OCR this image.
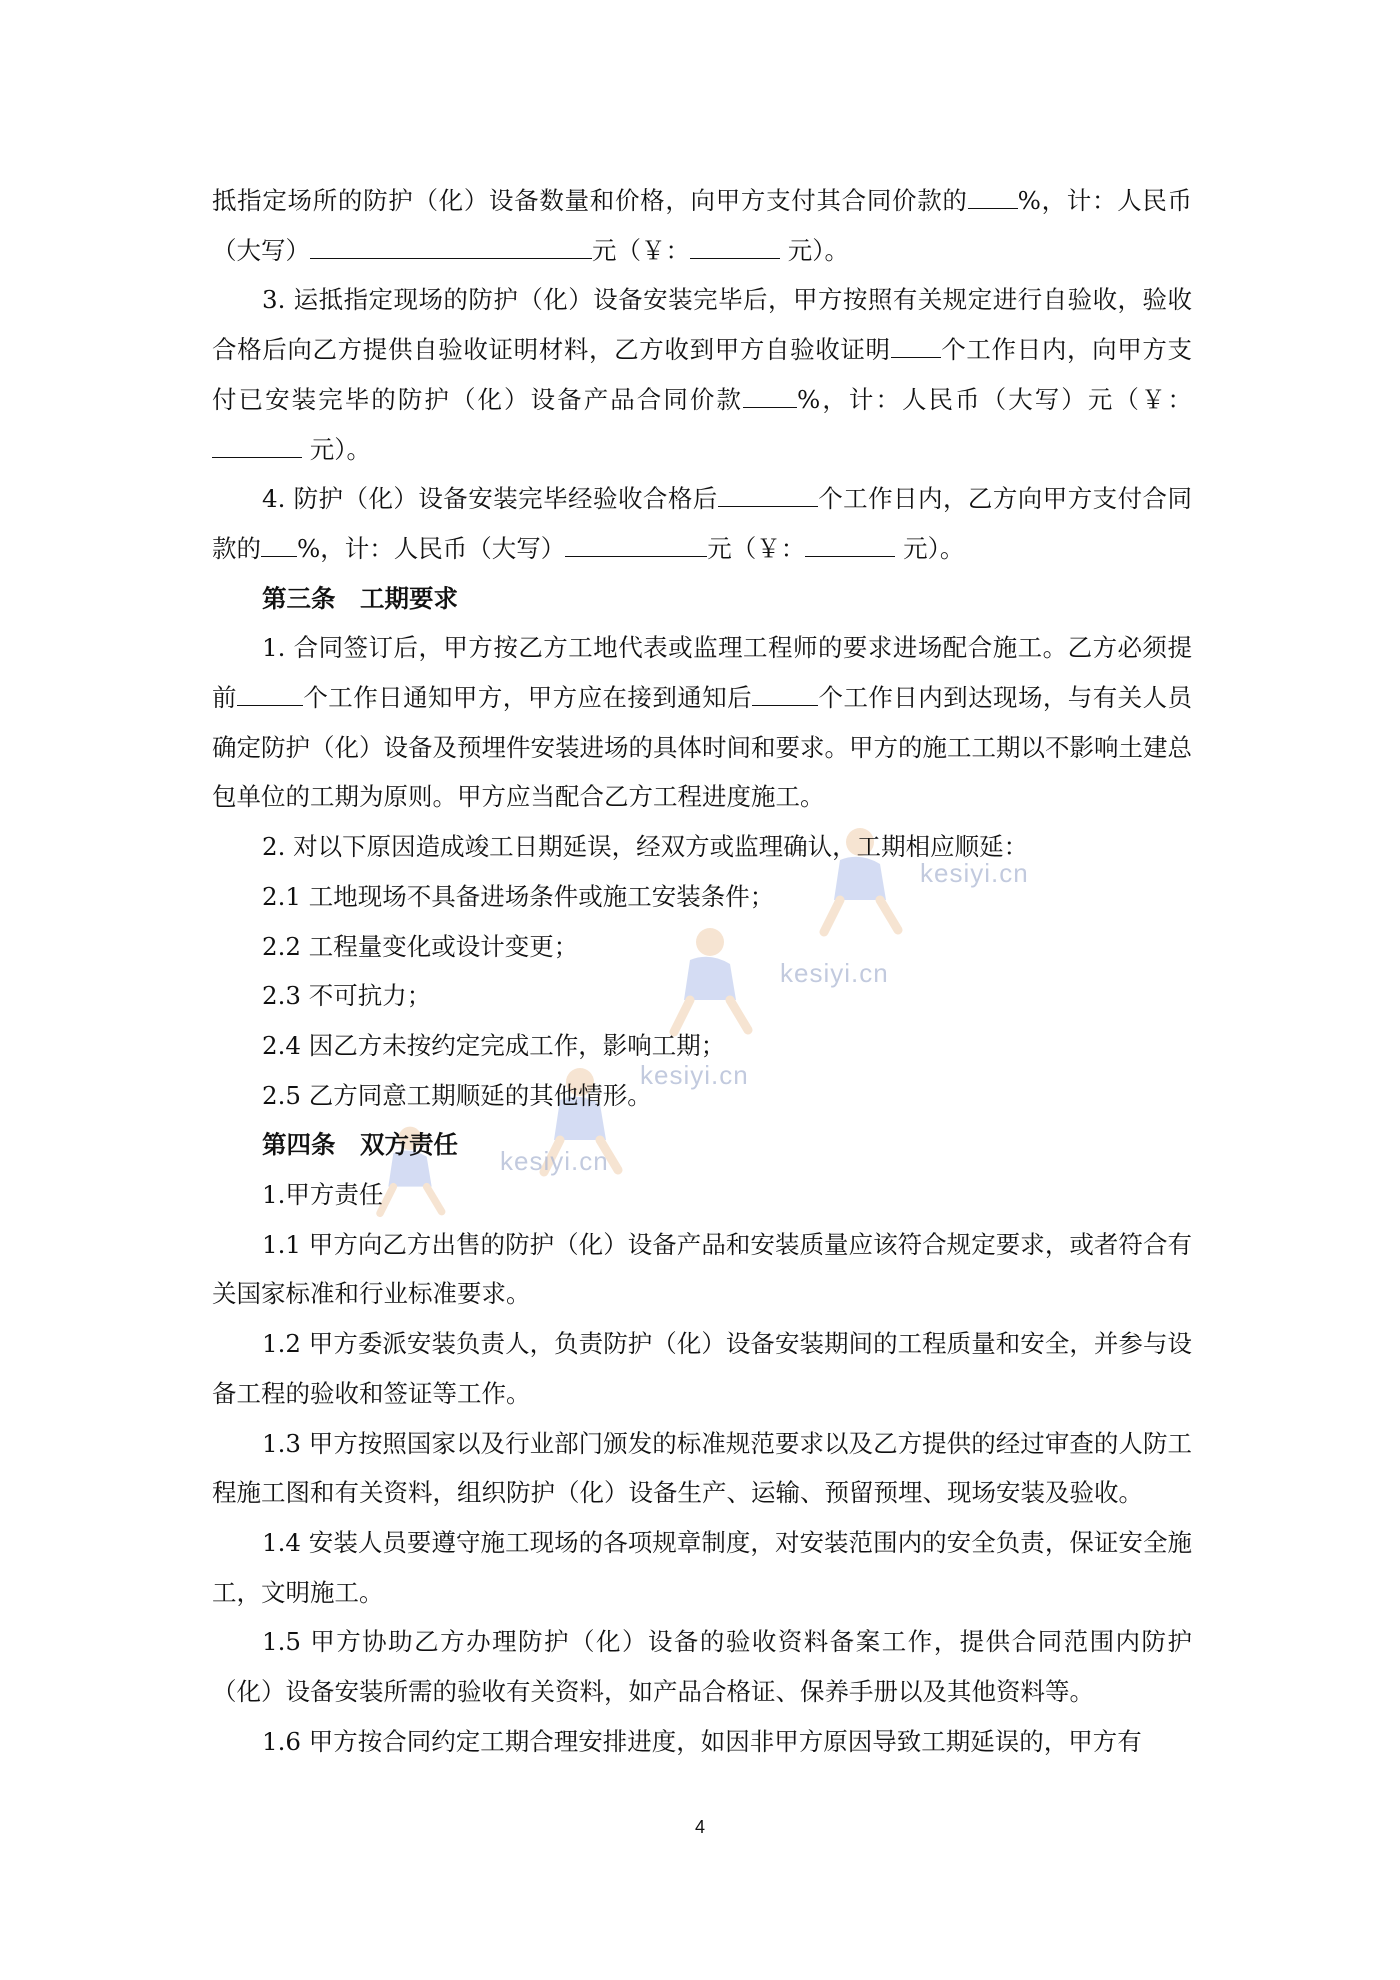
kesiyi.cn
kesiyi.cn
kesiyi.cn
kesiyi.cn

抵指定场所的防护（化）设备数量和价格，向甲方支付其合同价款的 %，计：人民币（大写）	元（￥：	元）。

3. 运抵指定现场的防护（化）设备安装完毕后，甲方按照有关规定进行自验收，验收合格后向乙方提供自验收证明材料，乙方收到甲方自验收证明 个工作日内，向甲方支付已安装完毕的防护（化）设备产品合同价款 %，计：人民币（大写）元（￥： 元）。

4. 防护（化）设备安装完毕经验收合格后	个工作日内，乙方向甲方支付合同款的 %，计：人民币（大写）	元（￥：	元）。

第三条　工期要求

1. 合同签订后，甲方按乙方工地代表或监理工程师的要求进场配合施工。乙方必须提前	个工作日通知甲方，甲方应在接到通知后	个工作日内到达现场，与有关人员确定防护（化）设备及预埋件安装进场的具体时间和要求。甲方的施工工期以不影响土建总包单位的工期为原则。甲方应当配合乙方工程进度施工。

2. 对以下原因造成竣工日期延误，经双方或监理确认，工期相应顺延：

2.1 工地现场不具备进场条件或施工安装条件；

2.2 工程量变化或设计变更；

2.3 不可抗力；

2.4 因乙方未按约定完成工作，影响工期；

2.5 乙方同意工期顺延的其他情形。

第四条　双方责任

1.甲方责任

1.1 甲方向乙方出售的防护（化）设备产品和安装质量应该符合规定要求，或者符合有关国家标准和行业标准要求。

1.2 甲方委派安装负责人，负责防护（化）设备安装期间的工程质量和安全，并参与设备工程的验收和签证等工作。

1.3 甲方按照国家以及行业部门颁发的标准规范要求以及乙方提供的经过审查的人防工程施工图和有关资料，组织防护（化）设备生产、运输、预留预埋、现场安装及验收。

1.4 安装人员要遵守施工现场的各项规章制度，对安装范围内的安全负责，保证安全施工，文明施工。

1.5 甲方协助乙方办理防护（化）设备的验收资料备案工作，提供合同范围内防护（化）设备安装所需的验收有关资料，如产品合格证、保养手册以及其他资料等。

1.6 甲方按合同约定工期合理安排进度，如因非甲方原因导致工期延误的，甲方有

4
